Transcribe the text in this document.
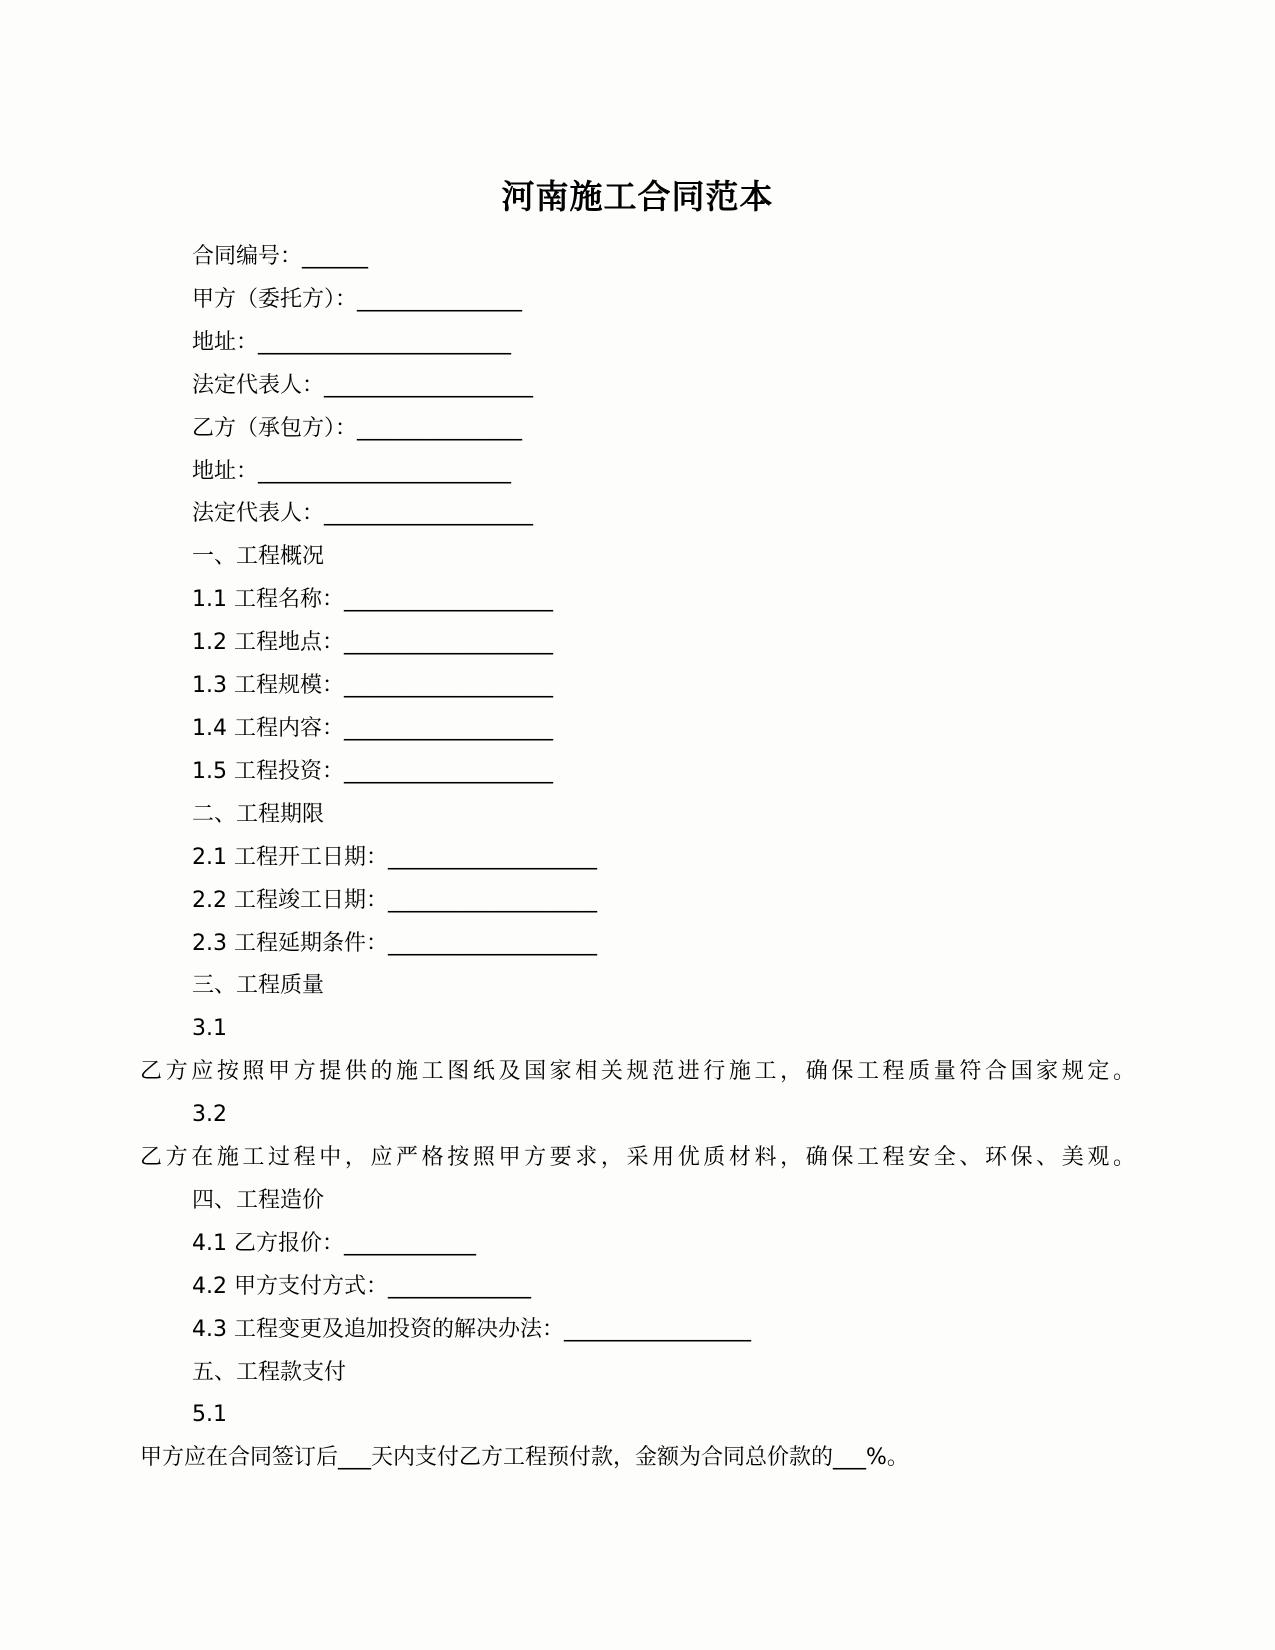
河南施工合同范本
合同编号：______
甲方（委托方）：_______________
地址：_______________________
法定代表人：___________________
乙方（承包方）：_______________
地址：_______________________
法定代表人：___________________
一、工程概况
1.1 工程名称：___________________
1.2 工程地点：___________________
1.3 工程规模：___________________
1.4 工程内容：___________________
1.5 工程投资：___________________
二、工程期限
2.1 工程开工日期：___________________
2.2 工程竣工日期：___________________
2.3 工程延期条件：___________________
三、工程质量
3.1
乙方应按照甲方提供的施工图纸及国家相关规范进行施工，确保工程质量符合国家规定。
3.2
乙方在施工过程中，应严格按照甲方要求，采用优质材料，确保工程安全、环保、美观。
四、工程造价
4.1 乙方报价：____________
4.2 甲方支付方式：_____________
4.3 工程变更及追加投资的解决办法：_________________
五、工程款支付
5.1
甲方应在合同签订后___天内支付乙方工程预付款，金额为合同总价款的___%。
